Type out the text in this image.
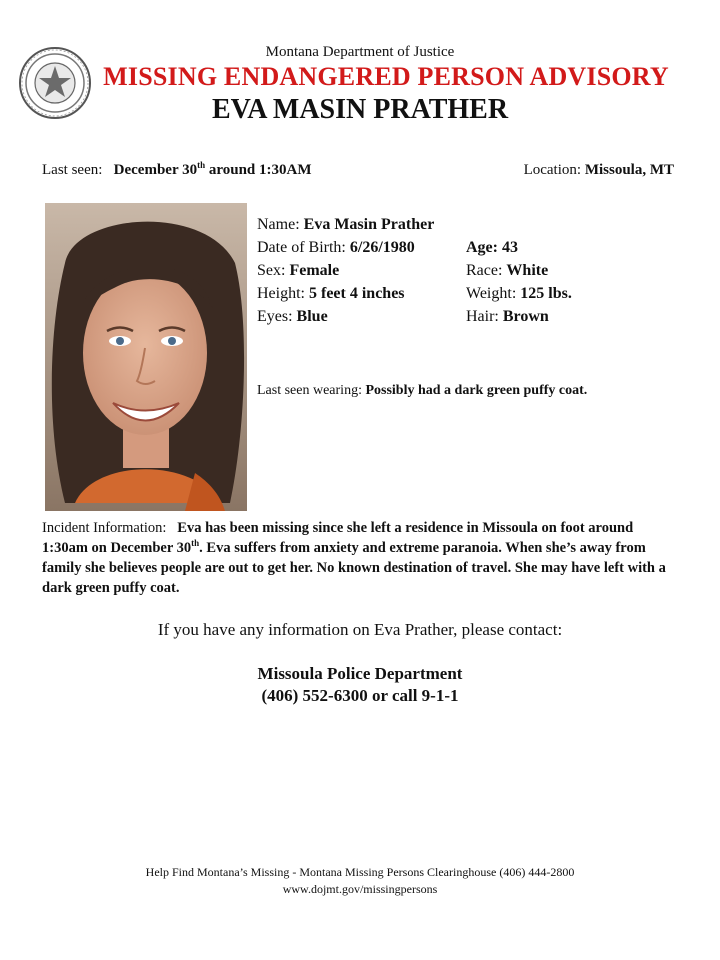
Montana Department of Justice
MISSING ENDANGERED PERSON ADVISORY
EVA MASIN PRATHER
Last seen: December 30th around 1:30AM	Location: Missoula, MT
Name: Eva Masin Prather
Date of Birth: 6/26/1980	Age: 43
Sex: Female	Race: White
Height: 5 feet 4 inches	Weight: 125 lbs.
Eyes: Blue	Hair: Brown
Last seen wearing: Possibly had a dark green puffy coat.
Incident Information: Eva has been missing since she left a residence in Missoula on foot around 1:30am on December 30th. Eva suffers from anxiety and extreme paranoia. When she’s away from family she believes people are out to get her. No known destination of travel. She may have left with a dark green puffy coat.
If you have any information on Eva Prather, please contact:
Missoula Police Department
(406) 552-6300 or call 9-1-1
Help Find Montana’s Missing - Montana Missing Persons Clearinghouse (406) 444-2800
www.dojmt.gov/missingpersons
